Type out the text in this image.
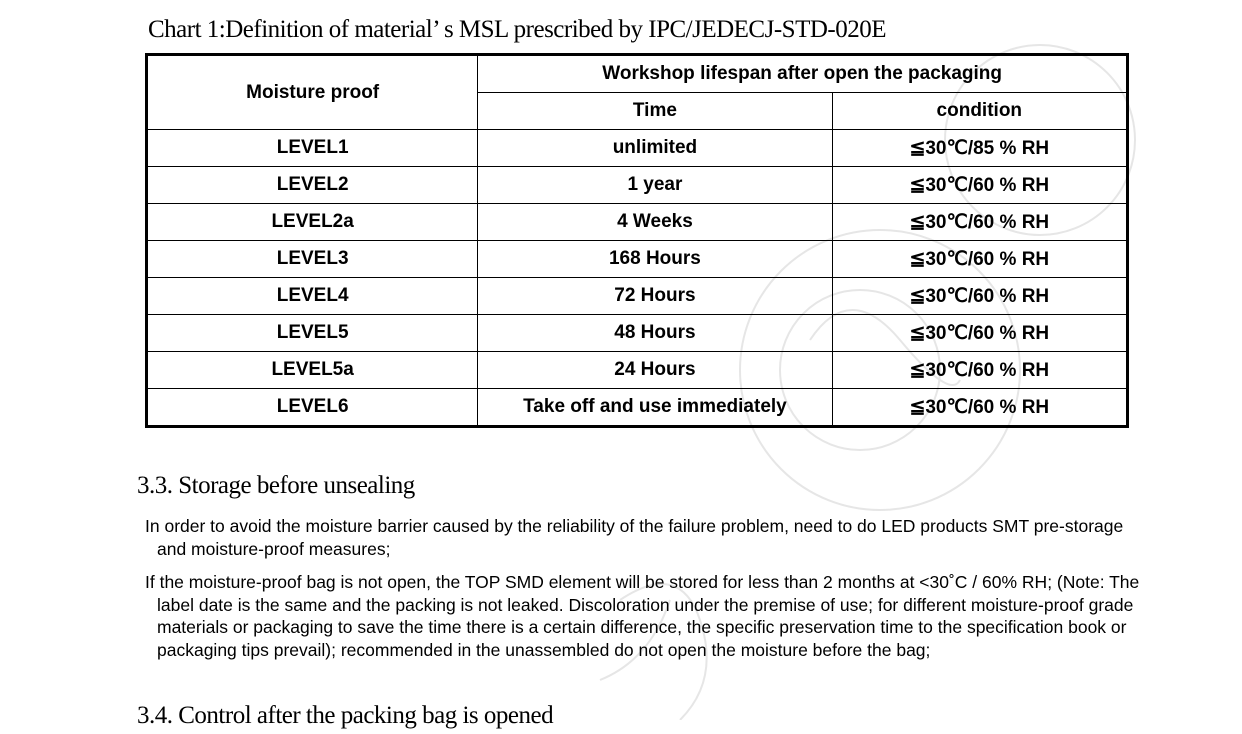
Chart 1:Definition of material’ s MSL prescribed by IPC/JEDECJ-STD-020E
Moisture proof	Workshop lifespan after open the packaging	
	Time	condition
LEVEL1	unlimited	≦30℃/85 % RH
LEVEL2	1 year	≦30℃/60 % RH
LEVEL2a	4 Weeks	≦30℃/60 % RH
LEVEL3	168 Hours	≦30℃/60 % RH
LEVEL4	72 Hours	≦30℃/60 % RH
LEVEL5	48 Hours	≦30℃/60 % RH
LEVEL5a	24 Hours	≦30℃/60 % RH
LEVEL6	Take off and use immediately	≦30℃/60 % RH
3.3. Storage before unsealing
In order to avoid the moisture barrier caused by the reliability of the failure problem, need to do LED products SMT pre-storage and moisture-proof measures;
If the moisture-proof bag is not open, the TOP SMD element will be stored for less than 2 months at <30˚C / 60% RH; (Note: The label date is the same and the packing is not leaked. Discoloration under the premise of use; for different moisture-proof grade materials or packaging to save the time there is a certain difference, the specific preservation time to the specification book or packaging tips prevail); recommended in the unassembled do not open the moisture before the bag;
3.4. Control after the packing bag is opened
